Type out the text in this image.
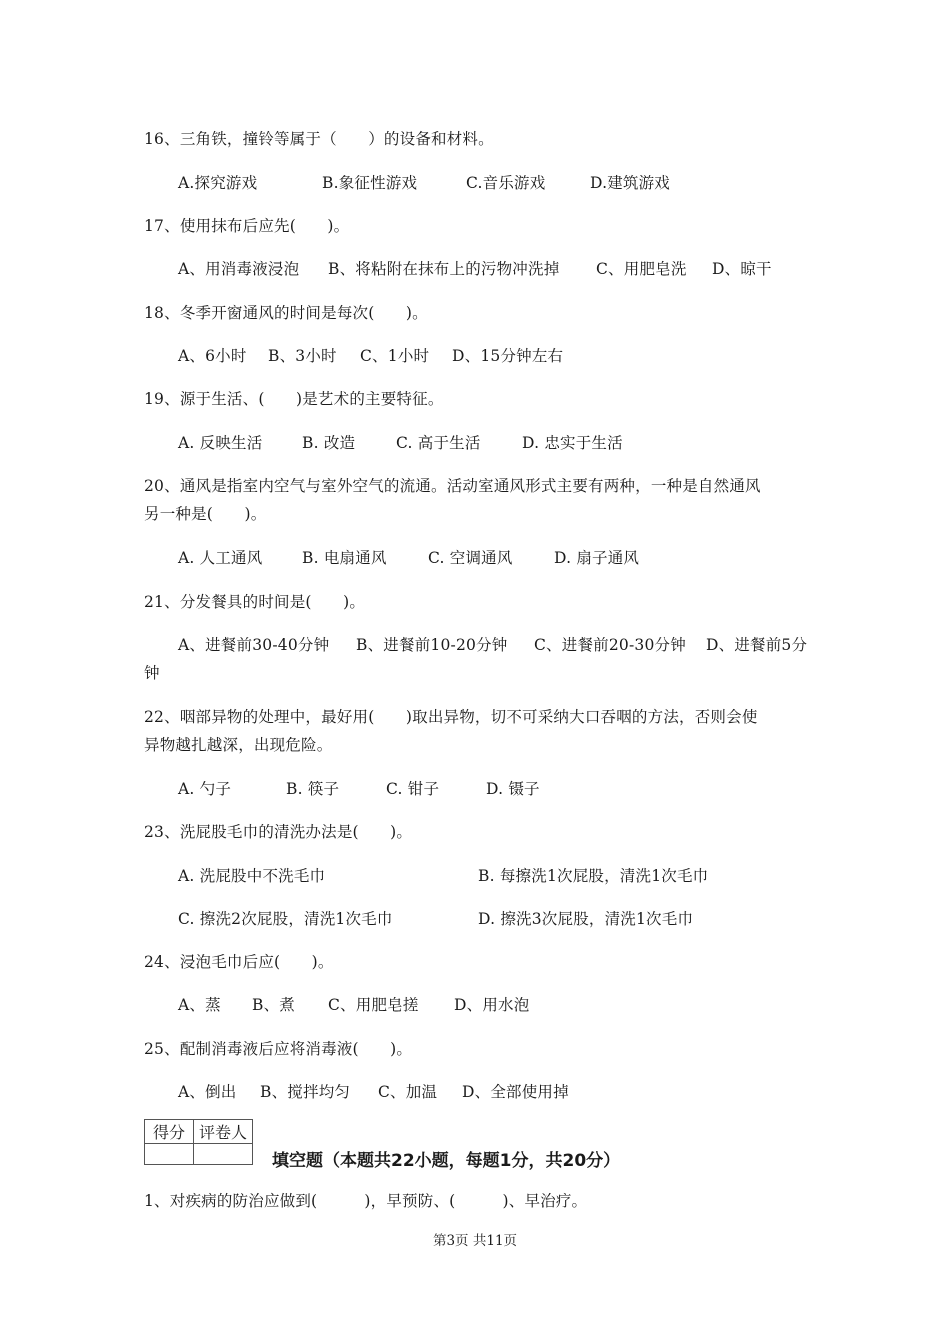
16、三角铁，撞铃等属于（　　）的设备和材料。
A.探究游戏	B.象征性游戏	C.音乐游戏	D.建筑游戏
17、使用抹布后应先(　　)。
A、用消毒液浸泡 B、将粘附在抹布上的污物冲洗掉 C、用肥皂洗 D、晾干
18、冬季开窗通风的时间是每次(　　)。
A、6小时 B、3小时 C、1小时 D、15分钟左右
19、源于生活、(　　)是艺术的主要特征。
A. 反映生活	B. 改造	C. 高于生活	D. 忠实于生活
20、通风是指室内空气与室外空气的流通。活动室通风形式主要有两种，一种是自然通风
另一种是(　　)。
A. 人工通风	B. 电扇通风	C. 空调通风	D. 扇子通风
21、分发餐具的时间是(　　)。
A、进餐前30-40分钟 B、进餐前10-20分钟 C、进餐前20-30分钟 D、进餐前5分
钟
22、咽部异物的处理中，最好用(　　)取出异物，切不可采纳大口吞咽的方法，否则会使
异物越扎越深，出现危险。
A. 勺子	B. 筷子	C. 钳子	D. 镊子
23、洗屁股毛巾的清洗办法是(　　)。
A. 洗屁股中不洗毛巾	B. 每擦洗1次屁股，清洗1次毛巾
C. 擦洗2次屁股，清洗1次毛巾	D. 擦洗3次屁股，清洗1次毛巾
24、浸泡毛巾后应(　　)。
A、蒸 B、煮 C、用肥皂搓 D、用水泡
25、配制消毒液后应将消毒液(　　)。
A、倒出 B、搅拌均匀 C、加温 D、全部使用掉
得分	评卷人

填空题（本题共22小题，每题1分，共20分）
1、对疾病的防治应做到(　　　)，早预防、(　　　)、早治疗。
第3页 共11页
